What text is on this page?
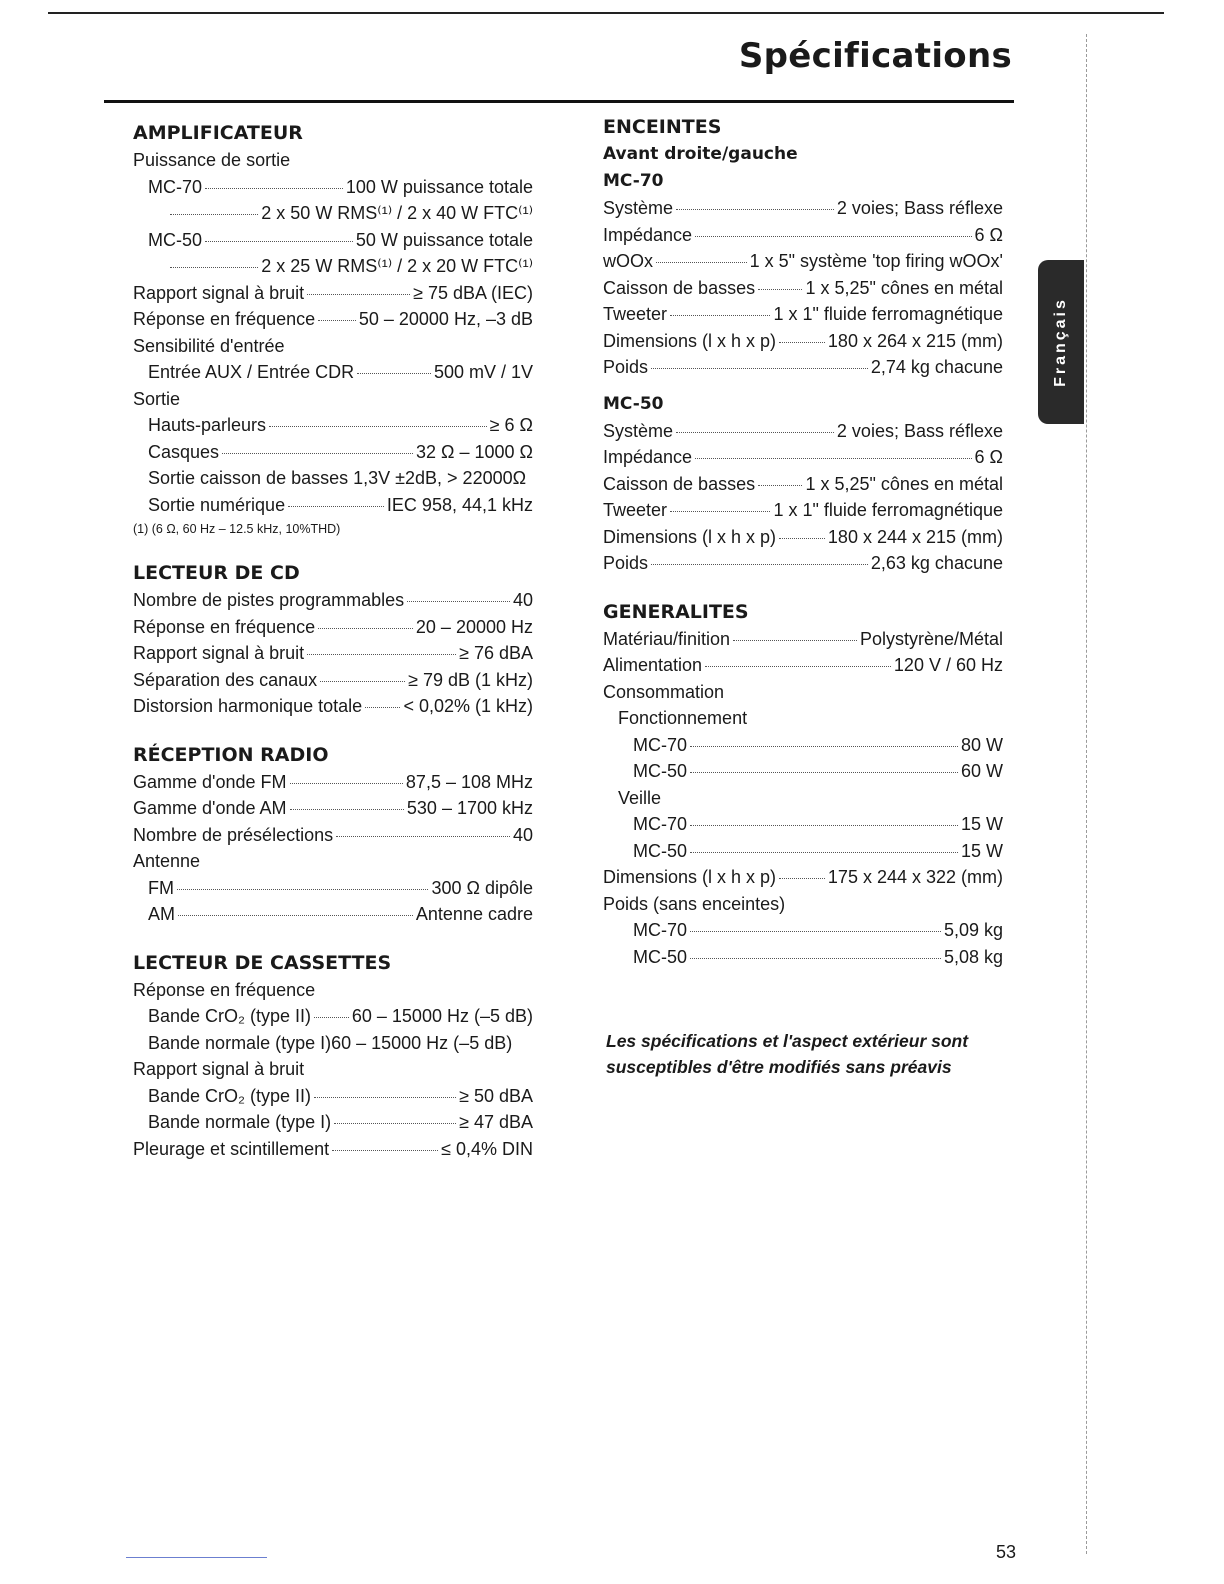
Spécifications
Français
AMPLIFICATEUR
Puissance de sortie
MC-70	100 W puissance totale
2 x 50 W RMS⁽¹⁾ / 2 x 40 W FTC⁽¹⁾
MC-50	50 W puissance totale
2 x 25 W RMS⁽¹⁾ / 2 x 20 W FTC⁽¹⁾
Rapport signal à bruit	≥ 75 dBA (IEC)
Réponse en fréquence 50 – 20000 Hz, –3 dB
Sensibilité d'entrée
Entrée AUX / Entrée CDR	500 mV / 1V
Sortie
Hauts-parleurs	≥ 6 Ω
Casques	32 Ω – 1000 Ω
Sortie caisson de basses 1,3V ±2dB, > 22000Ω
Sortie numérique	IEC 958, 44,1 kHz
(1) (6 Ω, 60 Hz – 12.5 kHz, 10%THD)
LECTEUR DE CD
Nombre de pistes programmables	40
Réponse en fréquence	20 – 20000 Hz
Rapport signal à bruit	≥ 76 dBA
Séparation des canaux	≥ 79 dB (1 kHz)
Distorsion harmonique totale < 0,02% (1 kHz)
RÉCEPTION RADIO
Gamme d'onde FM	87,5 – 108 MHz
Gamme d'onde AM	530 – 1700 kHz
Nombre de présélections	40
Antenne
FM	300 Ω dipôle
AM	Antenne cadre
LECTEUR DE CASSETTES
Réponse en fréquence
Bande CrO₂ (type II) 60 – 15000 Hz (–5 dB)
Bande normale (type I)60 – 15000 Hz (–5 dB)
Rapport signal à bruit
Bande CrO₂ (type II)	≥ 50 dBA
Bande normale (type I)	≥ 47 dBA
Pleurage et scintillement	≤ 0,4% DIN
ENCEINTES
Avant droite/gauche
MC-70
Système	2 voies; Bass réflexe
Impédance	6 Ω
wOOx	1 x 5" système 'top firing wOOx'
Caisson de basses	1 x 5,25" cônes en métal
Tweeter	1 x 1" fluide ferromagnétique
Dimensions (l x h x p)	180 x 264 x 215 (mm)
Poids	2,74 kg chacune
MC-50
Système	2 voies; Bass réflexe
Impédance	6 Ω
Caisson de basses	1 x 5,25" cônes en métal
Tweeter	1 x 1" fluide ferromagnétique
Dimensions (l x h x p)	180 x 244 x 215 (mm)
Poids	2,63 kg chacune
GENERALITES
Matériau/finition	Polystyrène/Métal
Alimentation	120 V / 60 Hz
Consommation
Fonctionnement
MC-70	80 W
MC-50	60 W
Veille
MC-70	15 W
MC-50	15 W
Dimensions (l x h x p)	175 x 244 x 322 (mm)
Poids (sans enceintes)
MC-70	5,09 kg
MC-50	5,08 kg
Les spécifications et l'aspect extérieur sont susceptibles d'être modifiés sans préavis
53
